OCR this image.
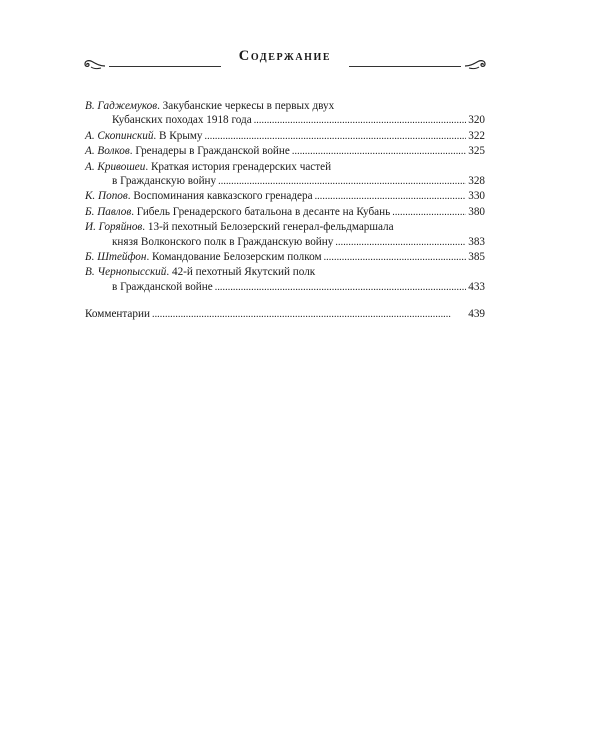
Содержание
В. Гаджемуков. Закубанские черкесы в первых двух
Кубанских походах 1918 года . . .	320
А. Скопинский. В Крыму . . .	322
А. Волков. Гренадеры в Гражданской войне . . .	325
А. Кривошеи. Краткая история гренадерских частей
в Гражданскую войну . . .	328
К. Попов. Воспоминания кавказского гренадера . . .	330
Б. Павлов. Гибель Гренадерского батальона в десанте на Кубань . . .	380
И. Горяйнов. 13-й пехотный Белозерский генерал-фельдмаршала
князя Волконского полк в Гражданскую войну . . .	383
Б. Штейфон. Командование Белозерским полком . . .	385
В. Чернопысский. 42-й пехотный Якутский полк
в Гражданской войне . . .	433
Комментарии . . .	439
